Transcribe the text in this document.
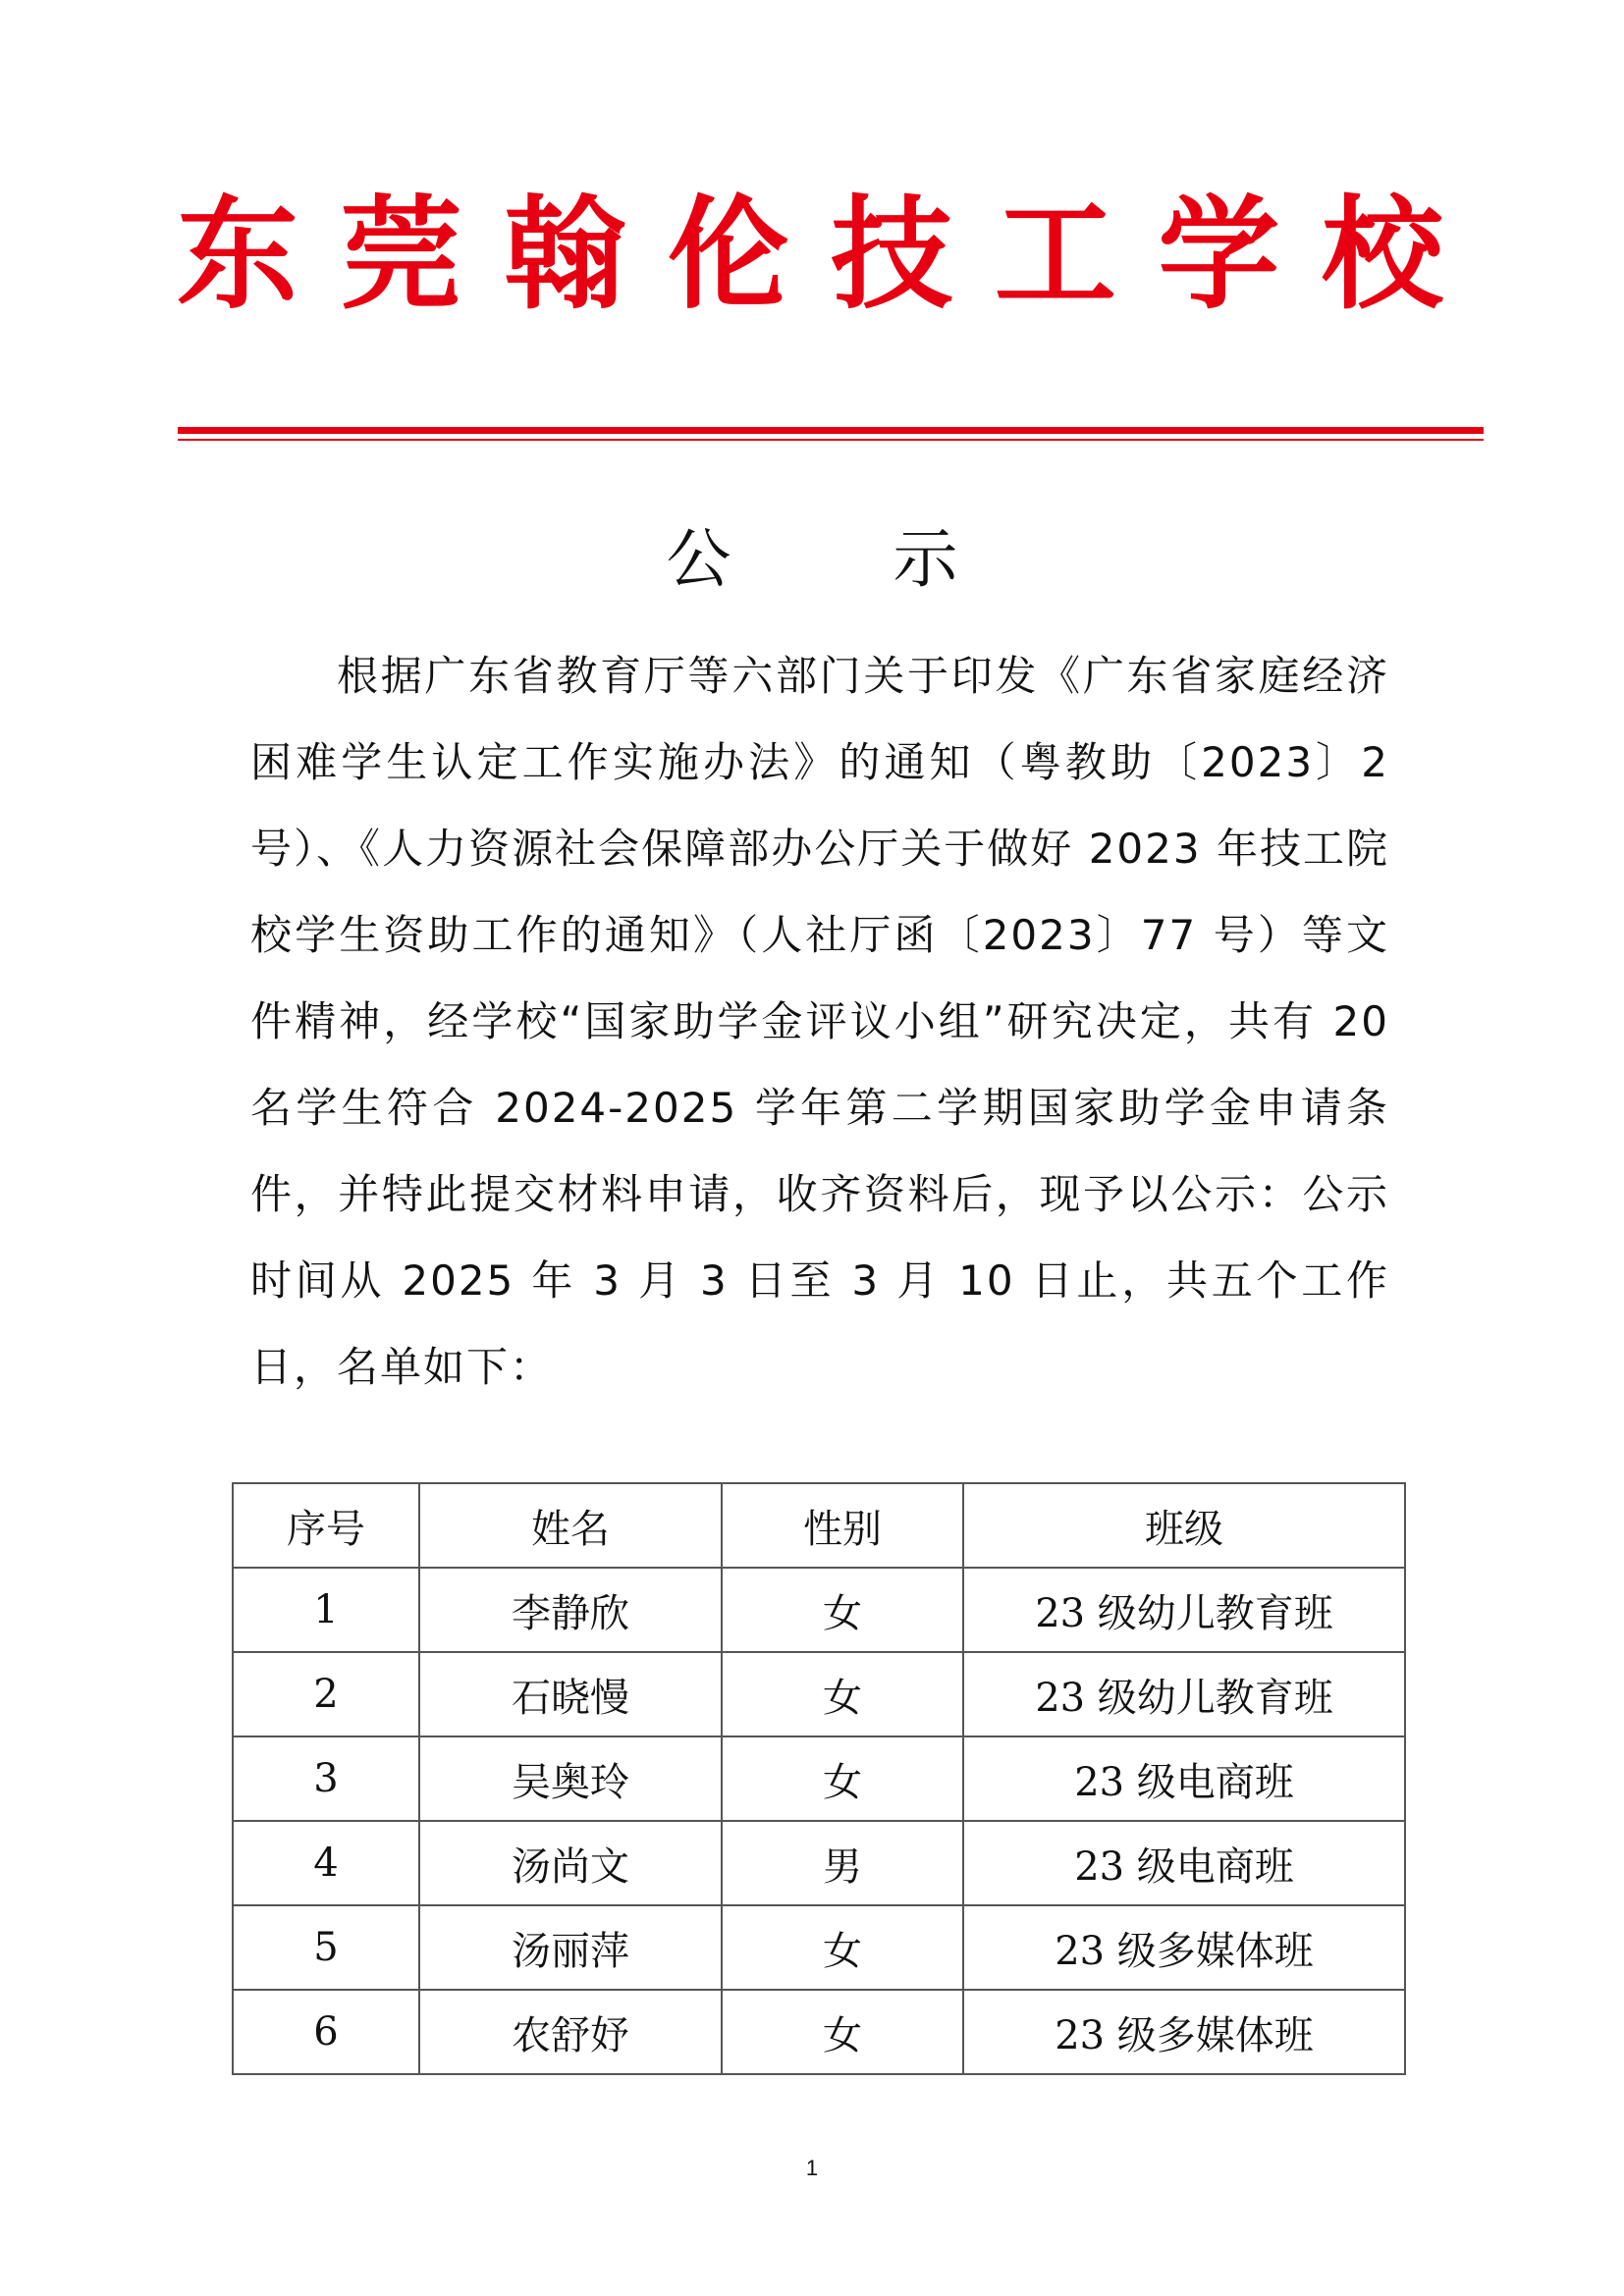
东 莞 翰 伦 技 工 学 校
公 示

根据广东省教育厅等六部门关于印发《广东省家庭经济困难学生认定工作实施办法》的通知（粤教助〔2023〕2 号）、《人力资源社会保障部办公厅关于做好 2023 年技工院校学生资助工作的通知》（人社厅函〔2023〕77 号）等文件精神，经学校“国家助学金评议小组”研究决定，共有 20 名学生符合 2024-2025 学年第二学期国家助学金申请条件，并特此提交材料申请，收齐资料后，现予以公示：公示时间从 2025 年 3 月 3 日至 3 月 10 日止，共五个工作日，名单如下：

序号	姓名	性别	班级
1	李静欣	女	23 级幼儿教育班
2	石晓慢	女	23 级幼儿教育班
3	吴奥玲	女	23 级电商班
4	汤尚文	男	23 级电商班
5	汤丽萍	女	23 级多媒体班
6	农舒妤	女	23 级多媒体班
1
